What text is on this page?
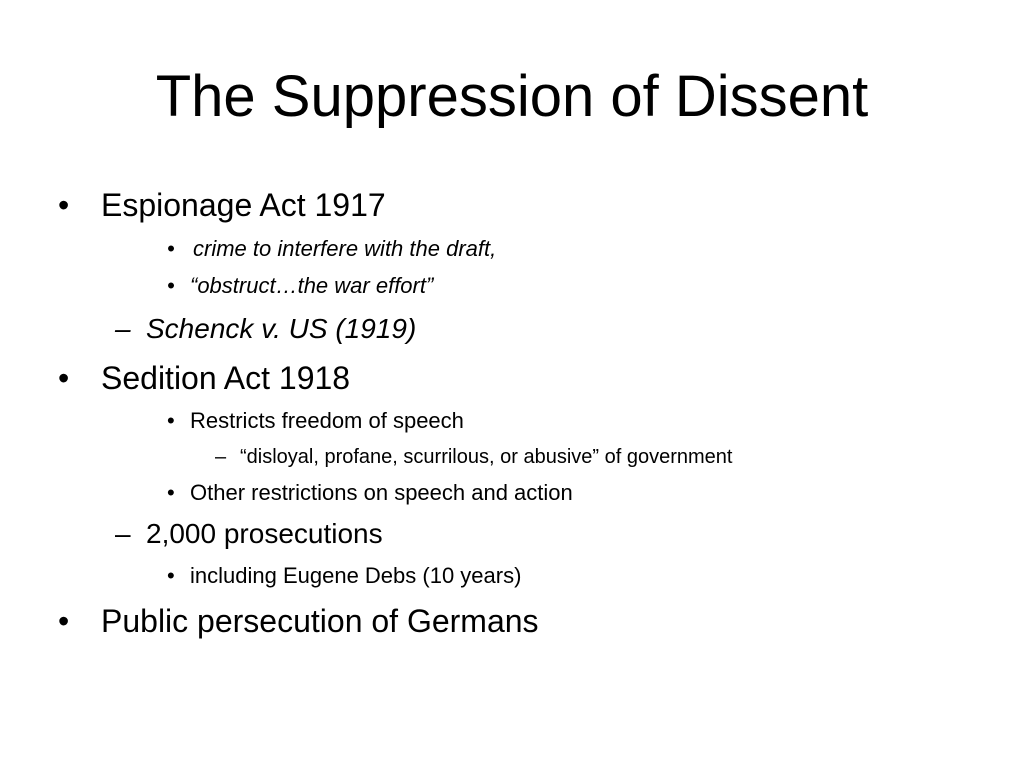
The Suppression of Dissent
• Espionage Act 1917
• crime to interfere with the draft,
• “obstruct…the war effort”
– Schenck v. US (1919)
• Sedition Act 1918
• Restricts freedom of speech
– “disloyal, profane, scurrilous, or abusive” of government
• Other restrictions on speech and action
– 2,000 prosecutions
• including Eugene Debs (10 years)
• Public persecution of Germans
